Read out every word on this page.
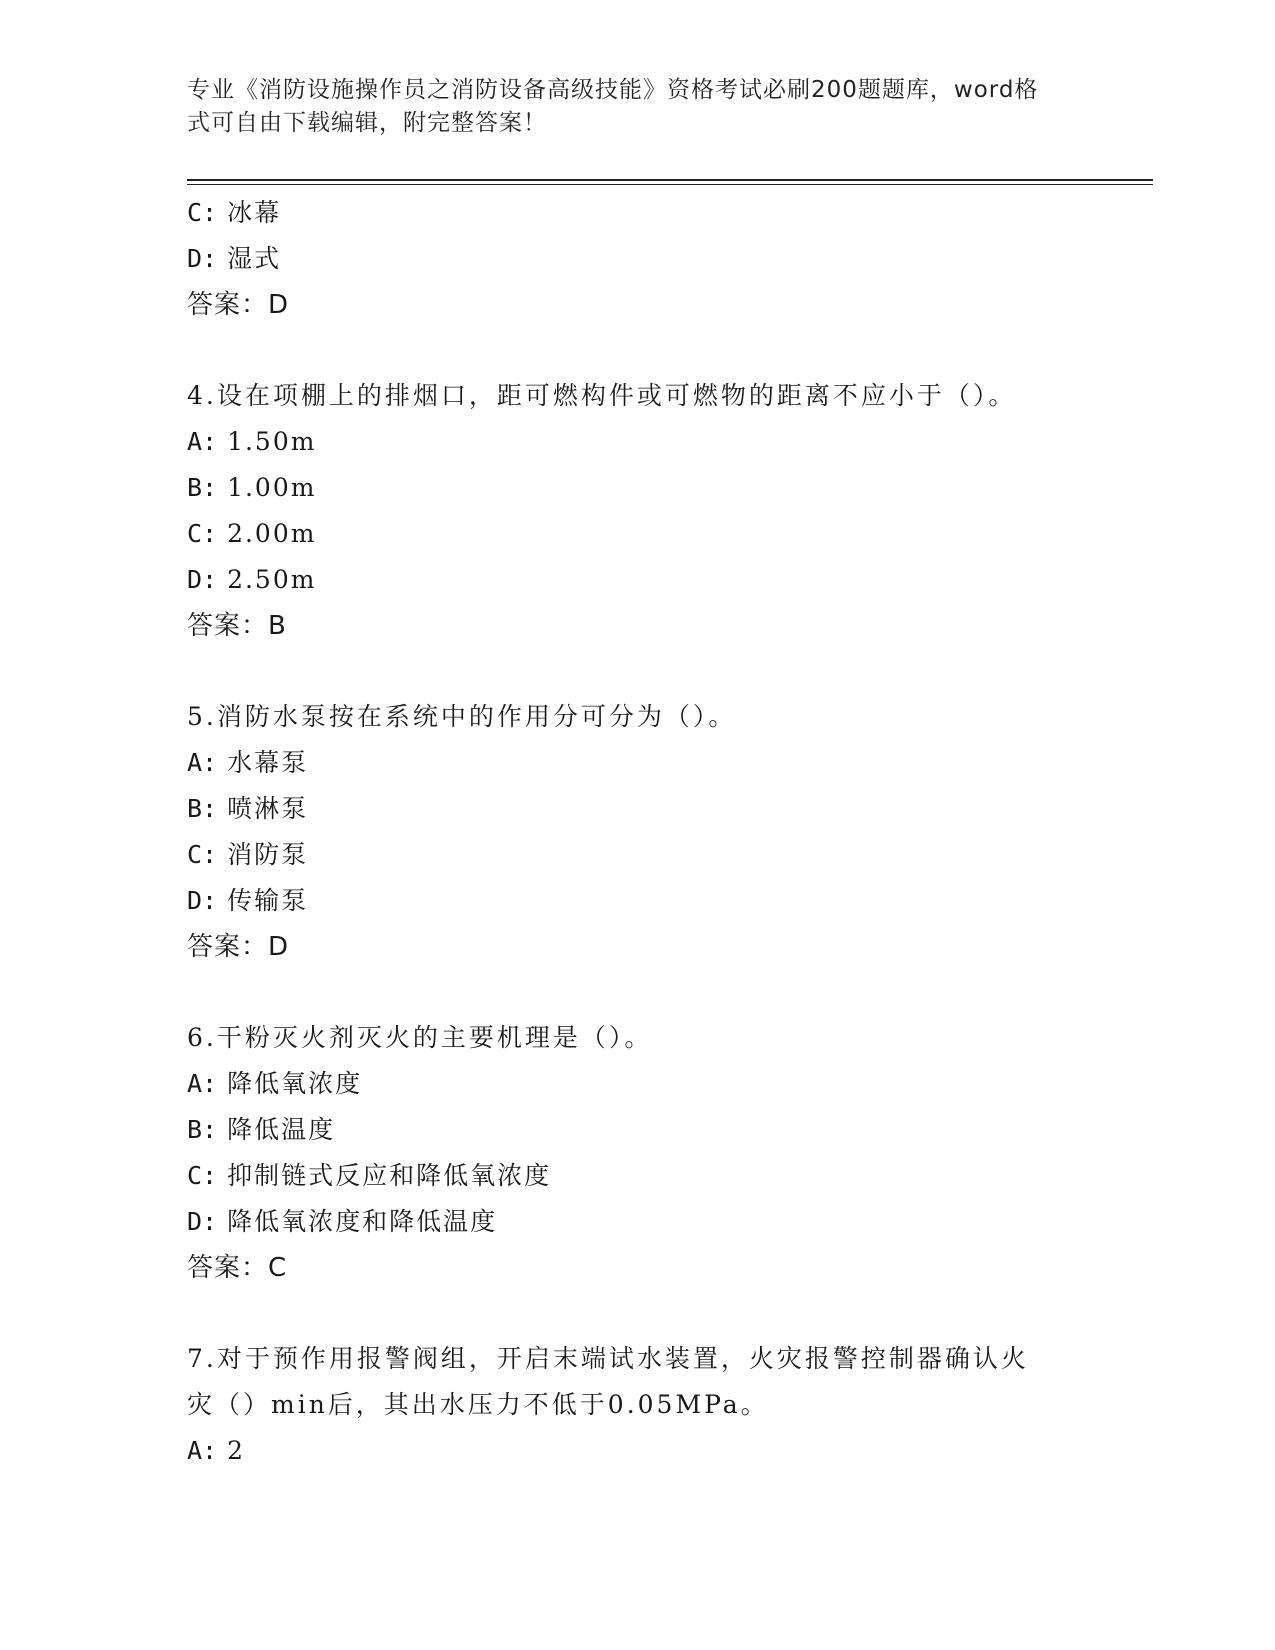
专业《消防设施操作员之消防设备高级技能》资格考试必刷200题题库，word格
式可自由下载编辑，附完整答案！
C: 冰幕
D: 湿式
答案：D
4.设在项棚上的排烟口，距可燃构件或可燃物的距离不应小于（）。
A: 1.50m
B: 1.00m
C: 2.00m
D: 2.50m
答案：B
5.消防水泵按在系统中的作用分可分为（）。
A: 水幕泵
B: 喷淋泵
C: 消防泵
D: 传输泵
答案：D
6.干粉灭火剂灭火的主要机理是（）。
A: 降低氧浓度
B: 降低温度
C: 抑制链式反应和降低氧浓度
D: 降低氧浓度和降低温度
答案：C
7.对于预作用报警阀组，开启末端试水装置，火灾报警控制器确认火
灾（）min后，其出水压力不低于0.05MPa。
A: 2
